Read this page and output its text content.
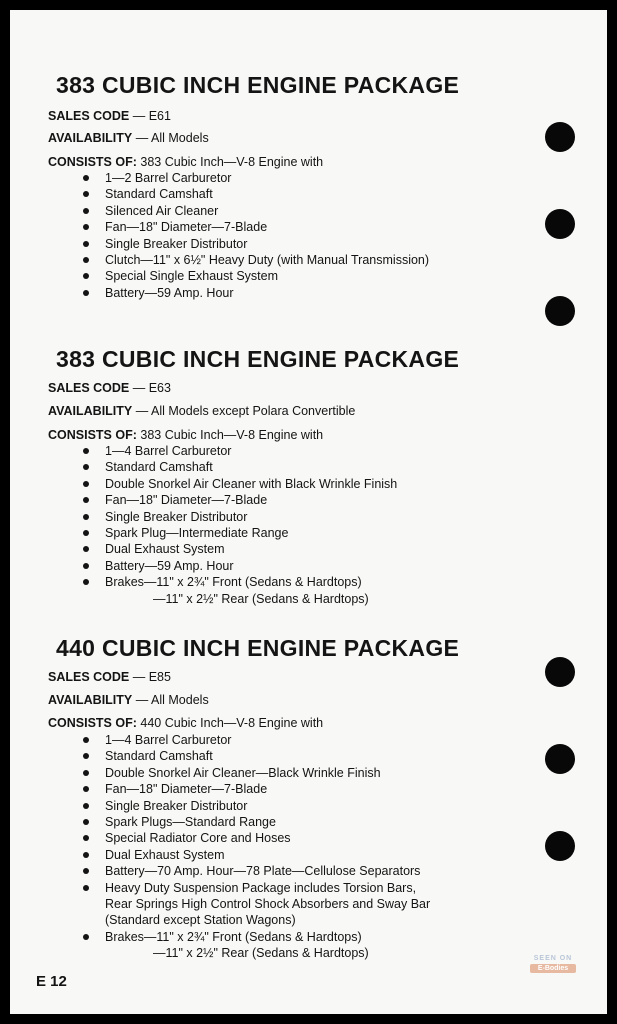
383 CUBIC INCH ENGINE PACKAGE
SALES CODE — E61
AVAILABILITY — All Models
CONSISTS OF: 383 Cubic Inch—V-8 Engine with
1—2 Barrel Carburetor
Standard Camshaft
Silenced Air Cleaner
Fan—18" Diameter—7-Blade
Single Breaker Distributor
Clutch—11" x 6½" Heavy Duty (with Manual Transmission)
Special Single Exhaust System
Battery—59 Amp. Hour
383 CUBIC INCH ENGINE PACKAGE
SALES CODE — E63
AVAILABILITY — All Models except Polara Convertible
CONSISTS OF: 383 Cubic Inch—V-8 Engine with
1—4 Barrel Carburetor
Standard Camshaft
Double Snorkel Air Cleaner with Black Wrinkle Finish
Fan—18" Diameter—7-Blade
Single Breaker Distributor
Spark Plug—Intermediate Range
Dual Exhaust System
Battery—59 Amp. Hour
Brakes—11" x 2¾" Front (Sedans & Hardtops)
—11" x 2½" Rear (Sedans & Hardtops)
440 CUBIC INCH ENGINE PACKAGE
SALES CODE — E85
AVAILABILITY — All Models
CONSISTS OF: 440 Cubic Inch—V-8 Engine with
1—4 Barrel Carburetor
Standard Camshaft
Double Snorkel Air Cleaner—Black Wrinkle Finish
Fan—18" Diameter—7-Blade
Single Breaker Distributor
Spark Plugs—Standard Range
Special Radiator Core and Hoses
Dual Exhaust System
Battery—70 Amp. Hour—78 Plate—Cellulose Separators
Heavy Duty Suspension Package includes Torsion Bars,
Rear Springs High Control Shock Absorbers and Sway Bar
(Standard except Station Wagons)
Brakes—11" x 2¾" Front (Sedans & Hardtops)
—11" x 2½" Rear (Sedans & Hardtops)
E 12
SEEN ON
E-Bodies
